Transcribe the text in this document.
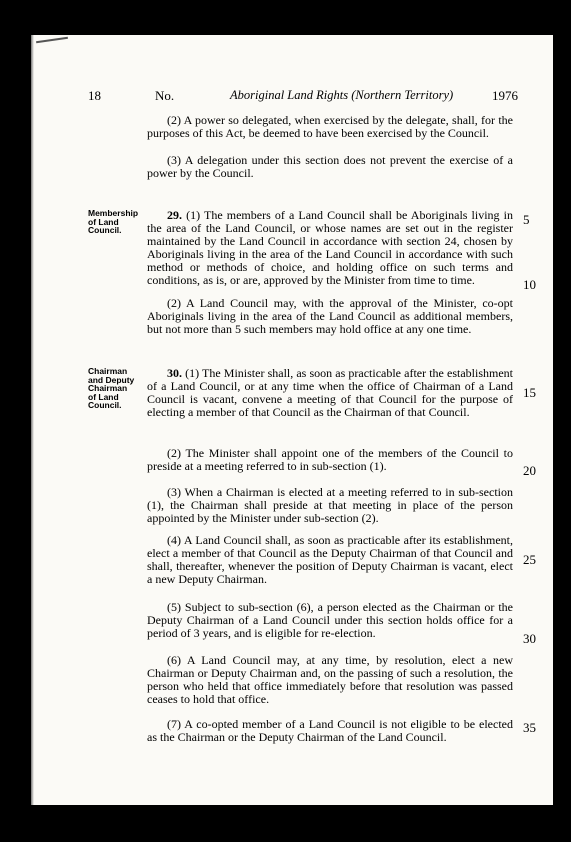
18	No.	Aboriginal Land Rights (Northern Territory)	1976
(2) A power so delegated, when exercised by the delegate, shall, for the purposes of this Act, be deemed to have been exercised by the Council.
(3) A delegation under this section does not prevent the exercise of a power by the Council.
Membership
of Land
Council.
29. (1) The members of a Land Council shall be Aboriginals living in the area of the Land Council, or whose names are set out in the register maintained by the Land Council in accordance with section 24, chosen by Aboriginals living in the area of the Land Council in accordance with such method or methods of choice, and holding office on such terms and conditions, as is, or are, approved by the Minister from time to time.
(2) A Land Council may, with the approval of the Minister, co-opt Aboriginals living in the area of the Land Council as additional members, but not more than 5 such members may hold office at any one time.
Chairman
and Deputy
Chairman
of Land
Council.
30. (1) The Minister shall, as soon as practicable after the establishment of a Land Council, or at any time when the office of Chairman of a Land Council is vacant, convene a meeting of that Council for the purpose of electing a member of that Council as the Chairman of that Council.
(2) The Minister shall appoint one of the members of the Council to preside at a meeting referred to in sub-section (1).
(3) When a Chairman is elected at a meeting referred to in sub-section (1), the Chairman shall preside at that meeting in place of the person appointed by the Minister under sub-section (2).
(4) A Land Council shall, as soon as practicable after its establishment, elect a member of that Council as the Deputy Chairman of that Council and shall, thereafter, whenever the position of Deputy Chairman is vacant, elect a new Deputy Chairman.
(5) Subject to sub-section (6), a person elected as the Chairman or the Deputy Chairman of a Land Council under this section holds office for a period of 3 years, and is eligible for re-election.
(6) A Land Council may, at any time, by resolution, elect a new Chairman or Deputy Chairman and, on the passing of such a resolution, the person who held that office immediately before that resolution was passed ceases to hold that office.
(7) A co-opted member of a Land Council is not eligible to be elected as the Chairman or the Deputy Chairman of the Land Council.
5
10
15
20
25
30
35
